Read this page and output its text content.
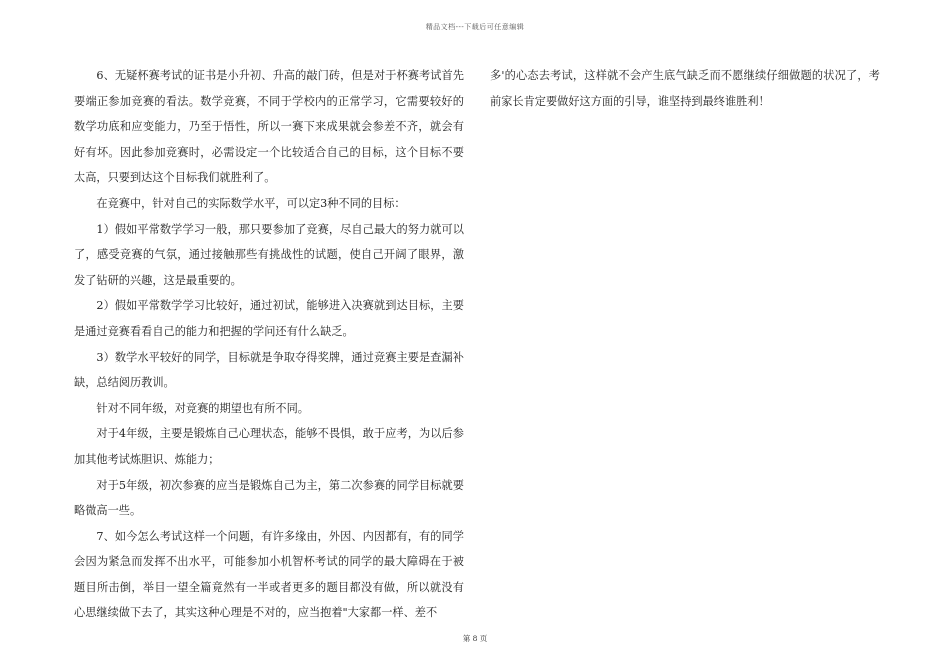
精品文档---下载后可任意编辑

6、无疑杯赛考试的证书是小升初、升高的敲门砖，但是对于杯赛考试首先要端正参加竞赛的看法。数学竞赛，不同于学校内的正常学习，它需要较好的数学功底和应变能力，乃至于悟性，所以一赛下来成果就会参差不齐，就会有好有坏。因此参加竞赛时，必需设定一个比较适合自己的目标，这个目标不要太高，只要到达这个目标我们就胜利了。

在竞赛中，针对自己的实际数学水平，可以定3种不同的目标：

1）假如平常数学学习一般，那只要参加了竞赛，尽自己最大的努力就可以了，感受竞赛的气氛，通过接触那些有挑战性的试题，使自己开阔了眼界，激发了钻研的兴趣，这是最重要的。

2）假如平常数学学习比较好，通过初试，能够进入决赛就到达目标，主要是通过竞赛看看自己的能力和把握的学问还有什么缺乏。

3）数学水平较好的同学，目标就是争取夺得奖牌，通过竞赛主要是查漏补缺，总结阅历教训。

针对不同年级，对竞赛的期望也有所不同。

对于4年级，主要是锻炼自己心理状态，能够不畏惧，敢于应考，为以后参加其他考试炼胆识、炼能力；

对于5年级，初次参赛的应当是锻炼自己为主，第二次参赛的同学目标就要略微高一些。

7、如今怎么考试这样一个问题，有许多缘由，外因、内因都有，有的同学会因为紧急而发挥不出水平，可能参加小机智杯考试的同学的最大障碍在于被题目所击倒，举目一望全篇竟然有一半或者更多的题目都没有做，所以就没有心思继续做下去了，其实这种心理是不对的，应当抱着"大家都一样、差不

多'的心态去考试，这样就不会产生底气缺乏而不愿继续仔细做题的状况了，考前家长肯定要做好这方面的引导，谁坚持到最终谁胜利！

第 8 页
